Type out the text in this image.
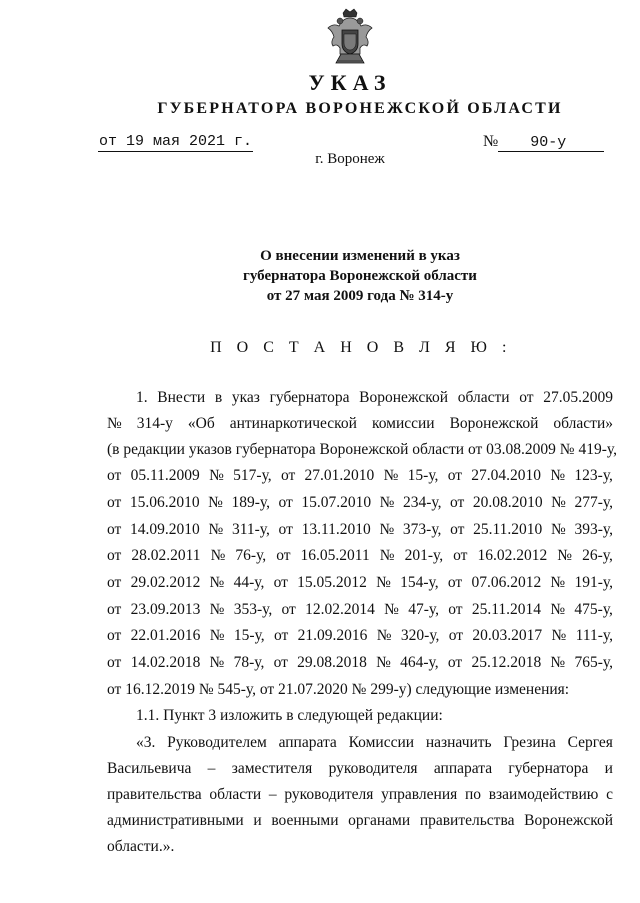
УКАЗ
ГУБЕРНАТОРА ВОРОНЕЖСКОЙ ОБЛАСТИ
от 19 мая 2021 г.	№ 90-у
г. Воронеж
О внесении изменений в указ
губернатора Воронежской области
от 27 мая 2009 года № 314-у
П О С Т А Н О В Л Я Ю :
1. Внести в указ губернатора Воронежской области от 27.05.2009
№ 314-у «Об антинаркотической комиссии Воронежской области»
(в редакции указов губернатора Воронежской области от 03.08.2009 № 419-у,
от 05.11.2009 № 517-у, от 27.01.2010 № 15-у, от 27.04.2010 № 123-у,
от 15.06.2010 № 189-у, от 15.07.2010 № 234-у, от 20.08.2010 № 277-у,
от 14.09.2010 № 311-у, от 13.11.2010 № 373-у, от 25.11.2010 № 393-у,
от 28.02.2011 № 76-у, от 16.05.2011 № 201-у, от 16.02.2012 № 26-у,
от 29.02.2012 № 44-у, от 15.05.2012 № 154-у, от 07.06.2012 № 191-у,
от 23.09.2013 № 353-у, от 12.02.2014 № 47-у, от 25.11.2014 № 475-у,
от 22.01.2016 № 15-у, от 21.09.2016 № 320-у, от 20.03.2017 № 111-у,
от 14.02.2018 № 78-у, от 29.08.2018 № 464-у, от 25.12.2018 № 765-у,
от 16.12.2019 № 545-у, от 21.07.2020 № 299-у) следующие изменения:
1.1. Пункт 3 изложить в следующей редакции:
«3. Руководителем аппарата Комиссии назначить Грезина Сергея
Васильевича – заместителя руководителя аппарата губернатора и
правительства области – руководителя управления по взаимодействию с
административными и военными органами правительства Воронежской
области.».
